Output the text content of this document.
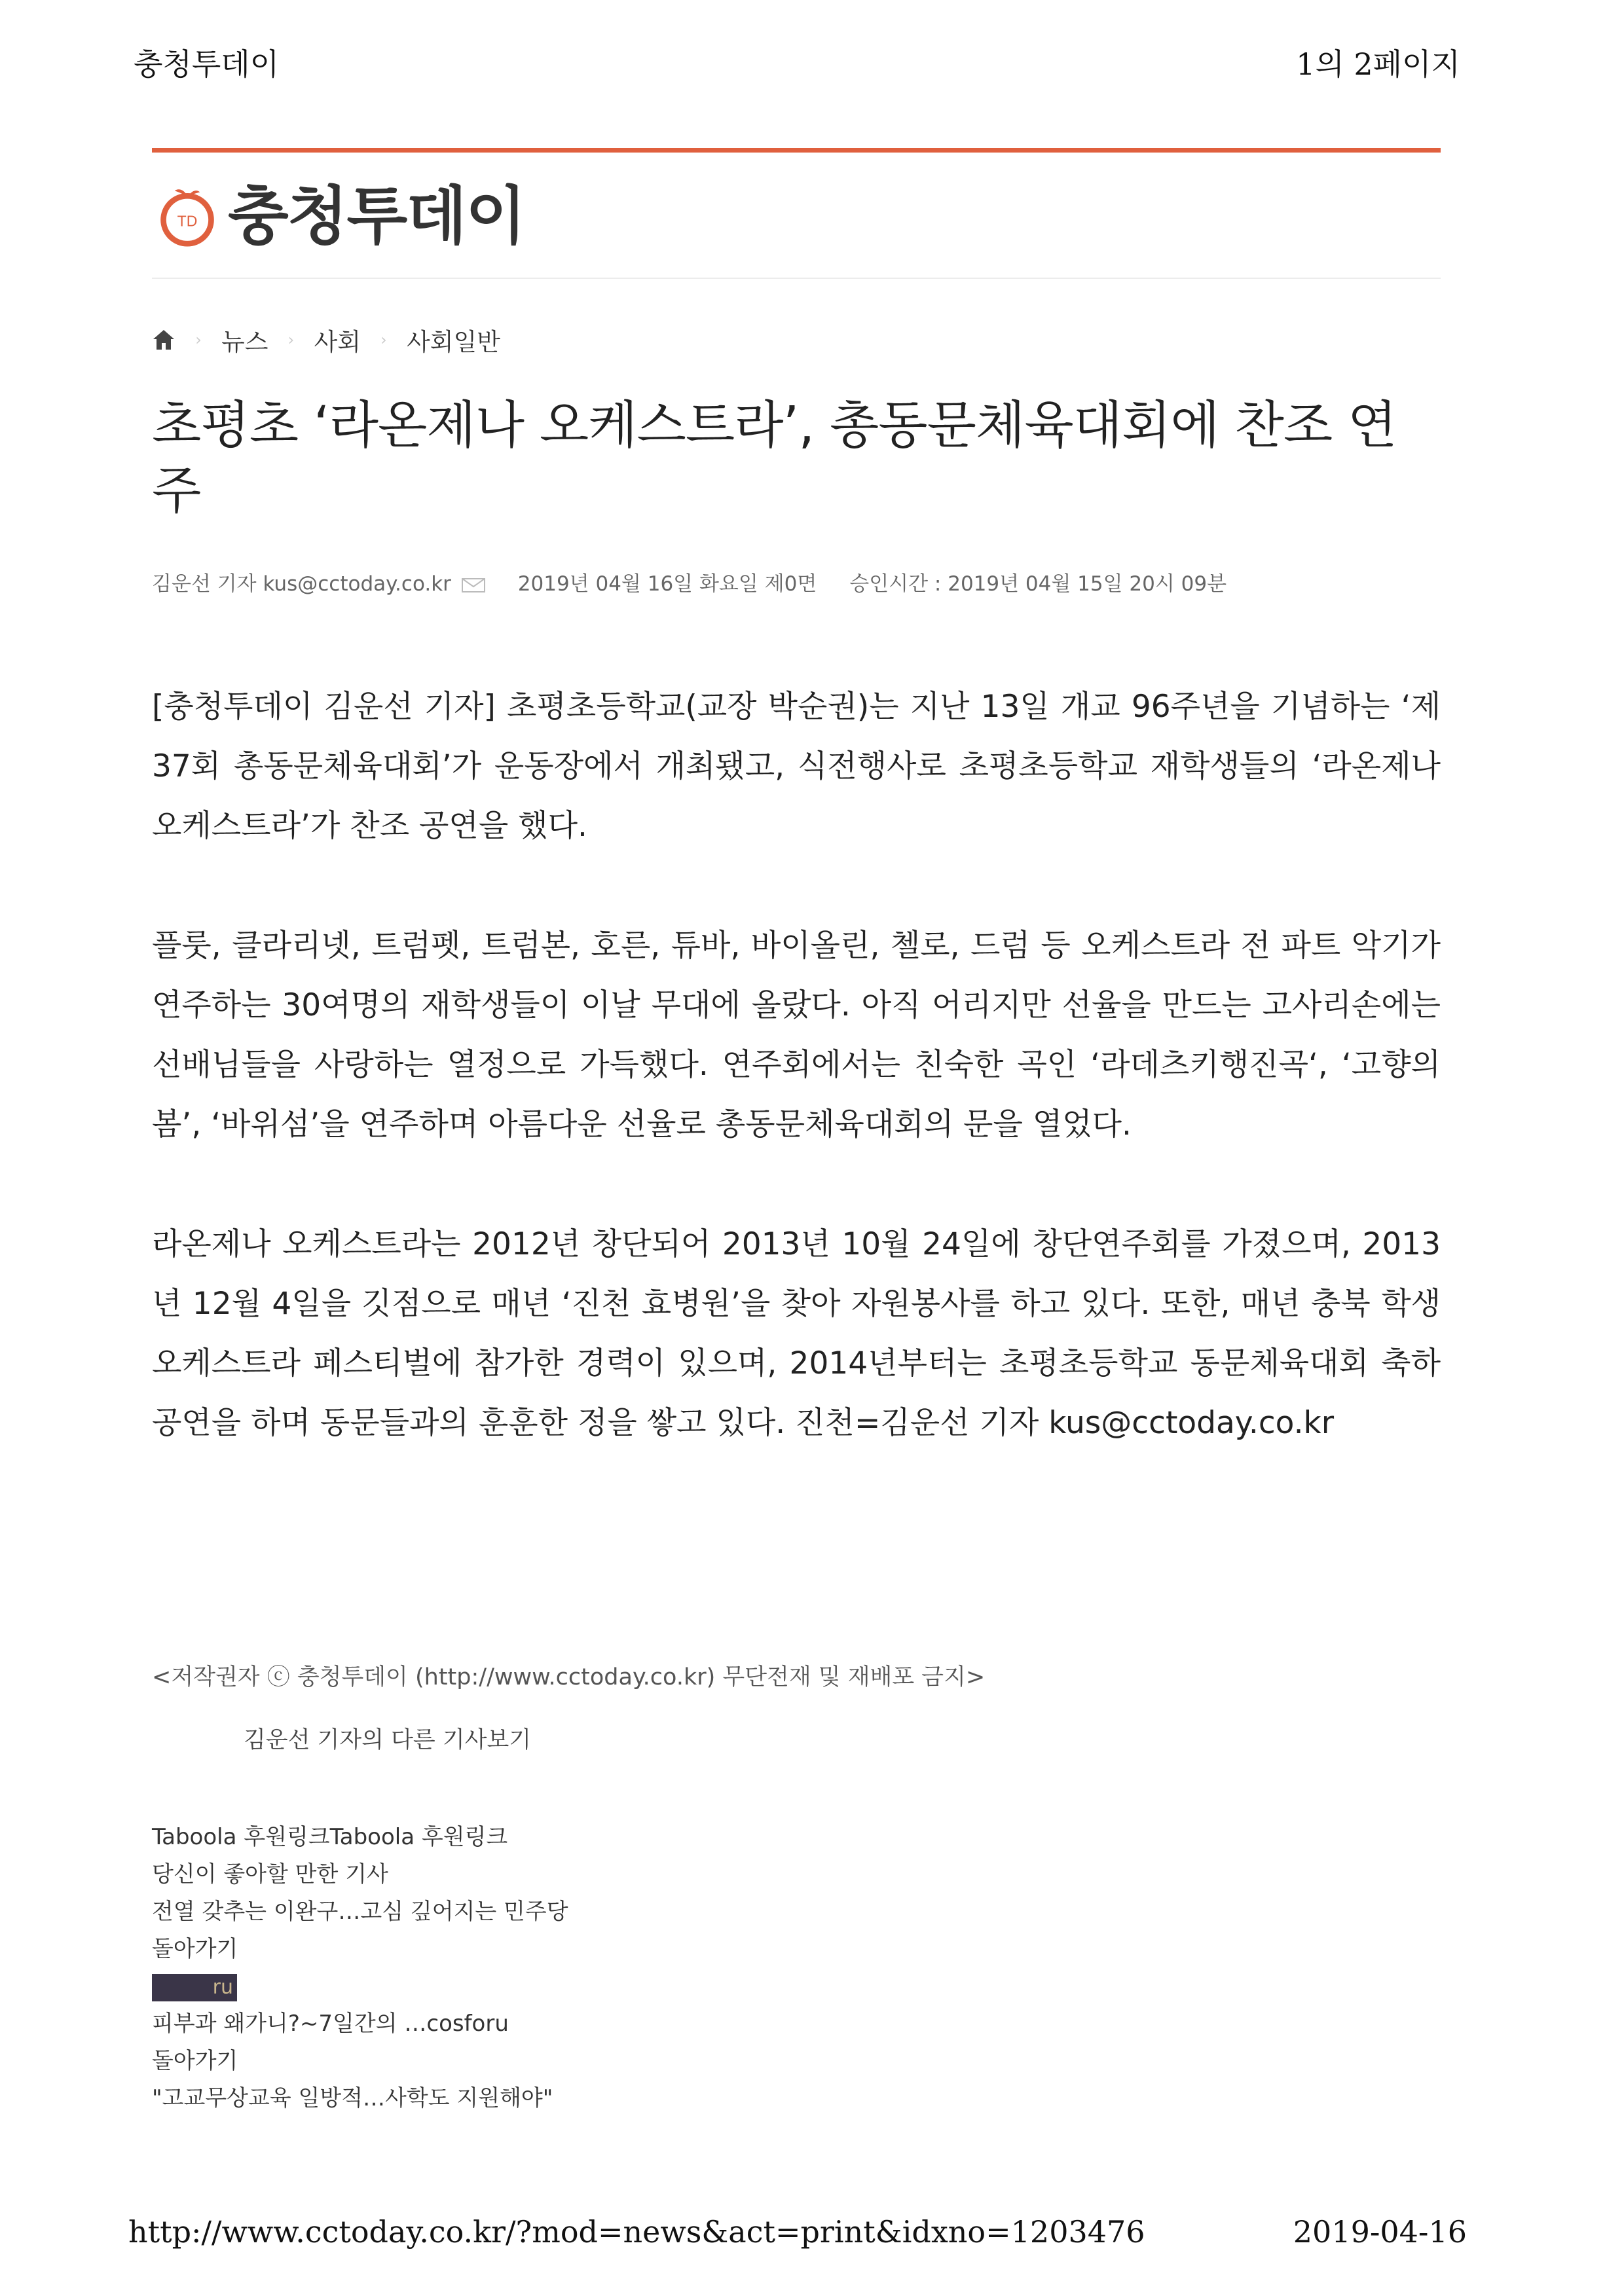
충청투데이	1의 2페이지
TD 충청투데이
› 뉴스	› 사회	› 사회일반
초평초 ‘라온제나 오케스트라’, 총동문체육대회에 찬조 연주
김운선 기자 kus@cctoday.co.kr	2019년 04월 16일 화요일 제0면 승인시간 : 2019년 04월 15일 20시 09분

[충청투데이 김운선 기자] 초평초등학교(교장 박순권)는 지난 13일 개교 96주년을 기념하는 ‘제37회 총동문체육대회’가 운동장에서 개최됐고, 식전행사로 초평초등학교 재학생들의 ‘라온제나 오케스트라’가 찬조 공연을 했다.

플룻, 클라리넷, 트럼펫, 트럼본, 호른, 튜바, 바이올린, 첼로, 드럼 등 오케스트라 전 파트 악기가 연주하는 30여명의 재학생들이 이날 무대에 올랐다. 아직 어리지만 선율을 만드는 고사리손에는 선배님들을 사랑하는 열정으로 가득했다. 연주회에서는 친숙한 곡인 ‘라데츠키행진곡‘, ‘고향의 봄’, ‘바위섬’을 연주하며 아름다운 선율로 총동문체육대회의 문을 열었다.

라온제나 오케스트라는 2012년 창단되어 2013년 10월 24일에 창단연주회를 가졌으며, 2013년 12월 4일을 깃점으로 매년 ‘진천 효병원’을 찾아 자원봉사를 하고 있다. 또한, 매년 충북 학생오케스트라 페스티벌에 참가한 경력이 있으며, 2014년부터는 초평초등학교 동문체육대회 축하공연을 하며 동문들과의 훈훈한 정을 쌓고 있다. 진천=김운선 기자 kus@cctoday.co.kr

<저작권자 ⓒ 충청투데이 (http://www.cctoday.co.kr) 무단전재 및 재배포 금지>
김운선 기자의 다른 기사보기
Taboola 후원링크Taboola 후원링크
당신이 좋아할 만한 기사
전열 갖추는 이완구…고심 깊어지는 민주당
돌아가기
ru
피부과 왜가니?~7일간의 …cosforu
돌아가기
"고교무상교육 일방적…사학도 지원해야"
http://www.cctoday.co.kr/?mod=news&act=print&idxno=1203476	2019-04-16
